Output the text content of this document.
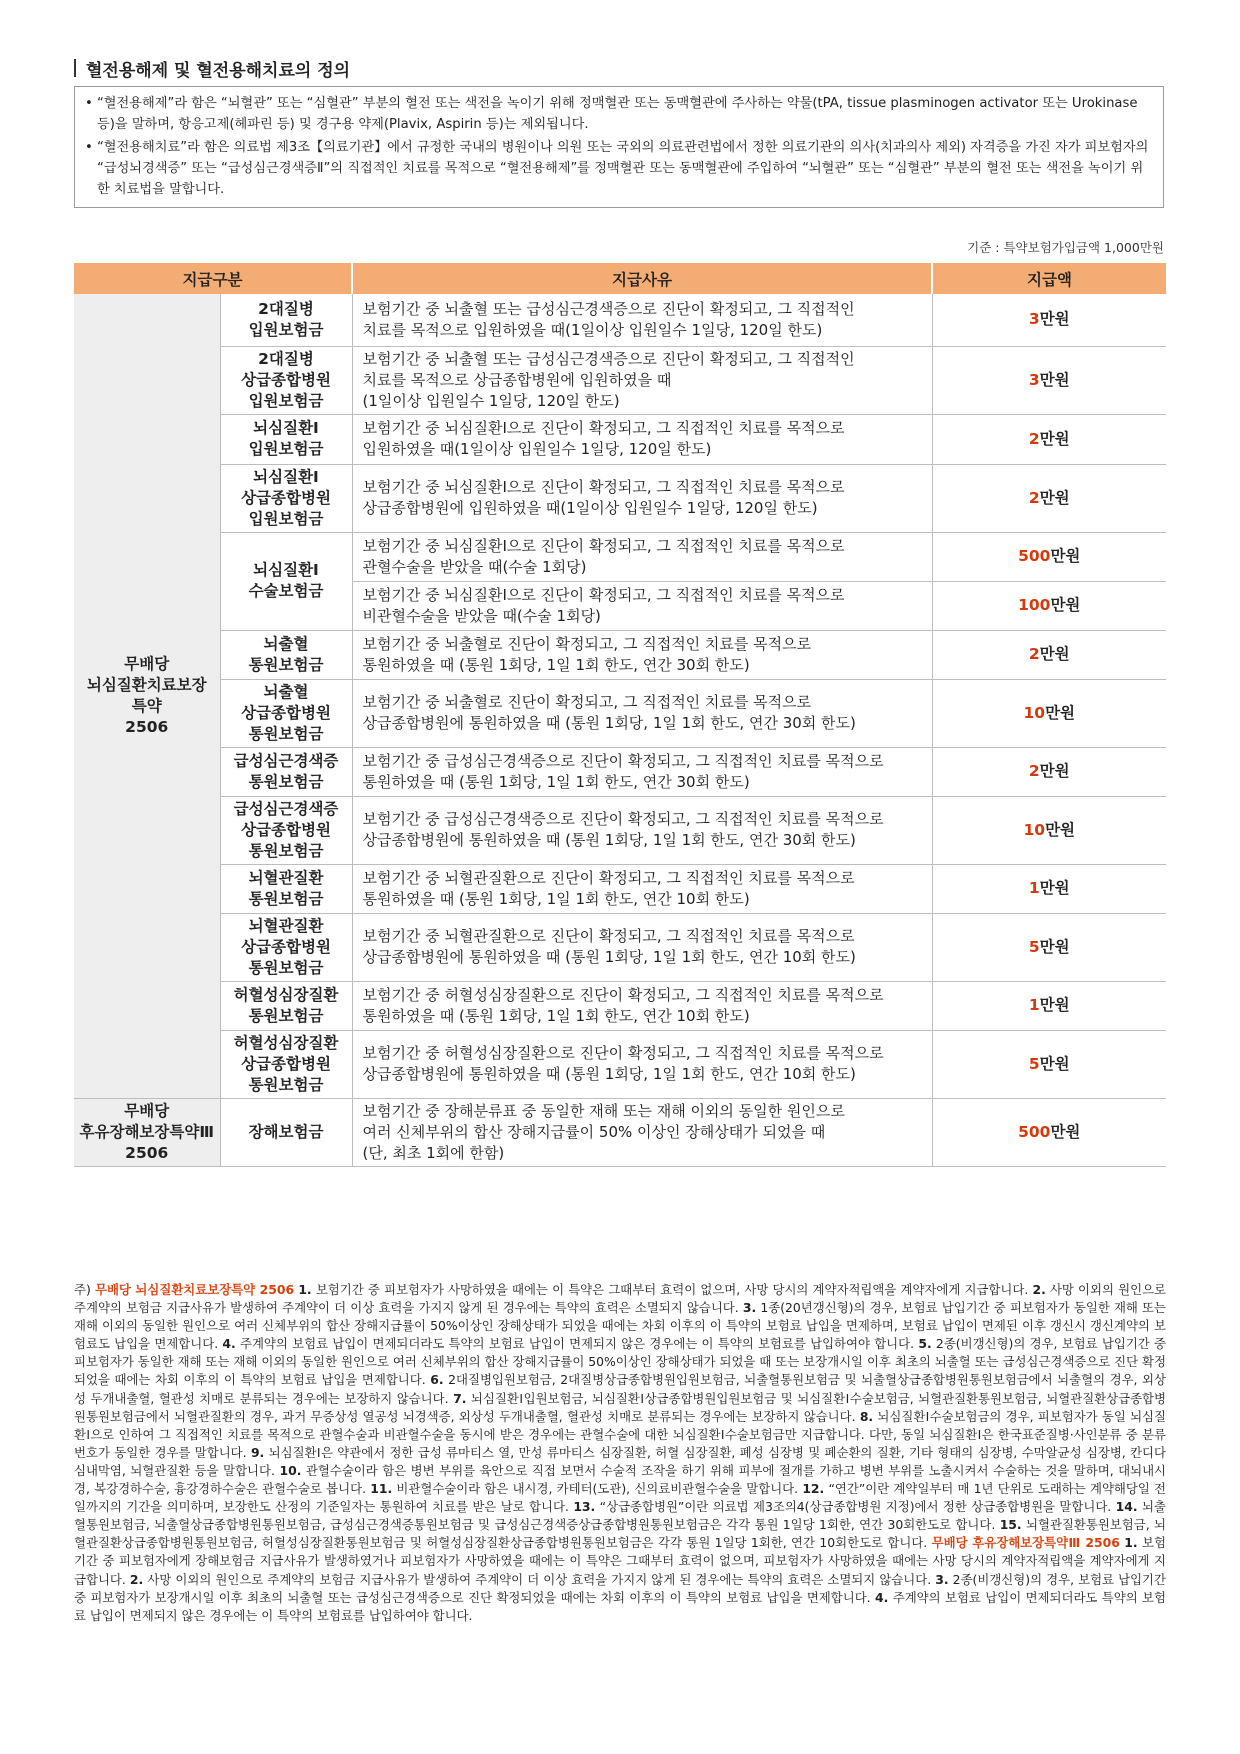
혈전용해제 및 혈전용해치료의 정의

• “혈전용해제”라 함은 “뇌혈관” 또는 “심혈관” 부분의 혈전 또는 색전을 녹이기 위해 정맥혈관 또는 동맥혈관에 주사하는 약물(tPA, tissue plasminogen activator 또는 Urokinase 등)을 말하며, 항응고제(헤파린 등) 및 경구용 약제(Plavix, Aspirin 등)는 제외됩니다.

• “혈전용해치료”라 함은 의료법 제3조【의료기관】에서 규정한 국내의 병원이나 의원 또는 국외의 의료관련법에서 정한 의료기관의 의사(치과의사 제외) 자격증을 가진 자가 피보험자의 “급성뇌경색증” 또는 “급성심근경색증Ⅱ”의 직접적인 치료를 목적으로 “혈전용해제”를 정맥혈관 또는 동맥혈관에 주입하여 “뇌혈관” 또는 “심혈관” 부분의 혈전 또는 색전을 녹이기 위한 치료법을 말합니다.

기준 : 특약보험가입금액 1,000만원
지급구분		지급사유	지급액
무배당
뇌심질환치료보장
특약
2506	2대질병
입원보험금	보험기간 중 뇌출혈 또는 급성심근경색증으로 진단이 확정되고, 그 직접적인
치료를 목적으로 입원하였을 때(1일이상 입원일수 1일당, 120일 한도)	3만원
	2대질병
상급종합병원
입원보험금	보험기간 중 뇌출혈 또는 급성심근경색증으로 진단이 확정되고, 그 직접적인
치료를 목적으로 상급종합병원에 입원하였을 때
(1일이상 입원일수 1일당, 120일 한도)	3만원
	뇌심질환Ⅰ
입원보험금	보험기간 중 뇌심질환Ⅰ으로 진단이 확정되고, 그 직접적인 치료를 목적으로
입원하였을 때(1일이상 입원일수 1일당, 120일 한도)	2만원
	뇌심질환Ⅰ
상급종합병원
입원보험금	보험기간 중 뇌심질환Ⅰ으로 진단이 확정되고, 그 직접적인 치료를 목적으로
상급종합병원에 입원하였을 때(1일이상 입원일수 1일당, 120일 한도)	2만원
	뇌심질환Ⅰ
수술보험금	보험기간 중 뇌심질환Ⅰ으로 진단이 확정되고, 그 직접적인 치료를 목적으로
관혈수술을 받았을 때(수술 1회당)	500만원
		보험기간 중 뇌심질환Ⅰ으로 진단이 확정되고, 그 직접적인 치료를 목적으로
비관혈수술을 받았을 때(수술 1회당)	100만원
	뇌출혈
통원보험금	보험기간 중 뇌출혈로 진단이 확정되고, 그 직접적인 치료를 목적으로
통원하였을 때 (통원 1회당, 1일 1회 한도, 연간 30회 한도)	2만원
	뇌출혈
상급종합병원
통원보험금	보험기간 중 뇌출혈로 진단이 확정되고, 그 직접적인 치료를 목적으로
상급종합병원에 통원하였을 때 (통원 1회당, 1일 1회 한도, 연간 30회 한도)	10만원
	급성심근경색증
통원보험금	보험기간 중 급성심근경색증으로 진단이 확정되고, 그 직접적인 치료를 목적으로
통원하였을 때 (통원 1회당, 1일 1회 한도, 연간 30회 한도)	2만원
	급성심근경색증
상급종합병원
통원보험금	보험기간 중 급성심근경색증으로 진단이 확정되고, 그 직접적인 치료를 목적으로
상급종합병원에 통원하였을 때 (통원 1회당, 1일 1회 한도, 연간 30회 한도)	10만원
	뇌혈관질환
통원보험금	보험기간 중 뇌혈관질환으로 진단이 확정되고, 그 직접적인 치료를 목적으로
통원하였을 때 (통원 1회당, 1일 1회 한도, 연간 10회 한도)	1만원
	뇌혈관질환
상급종합병원
통원보험금	보험기간 중 뇌혈관질환으로 진단이 확정되고, 그 직접적인 치료를 목적으로
상급종합병원에 통원하였을 때 (통원 1회당, 1일 1회 한도, 연간 10회 한도)	5만원
	허혈성심장질환
통원보험금	보험기간 중 허혈성심장질환으로 진단이 확정되고, 그 직접적인 치료를 목적으로
통원하였을 때 (통원 1회당, 1일 1회 한도, 연간 10회 한도)	1만원
	허혈성심장질환
상급종합병원
통원보험금	보험기간 중 허혈성심장질환으로 진단이 확정되고, 그 직접적인 치료를 목적으로
상급종합병원에 통원하였을 때 (통원 1회당, 1일 1회 한도, 연간 10회 한도)	5만원
무배당
후유장해보장특약Ⅲ
2506	장해보험금	보험기간 중 장해분류표 중 동일한 재해 또는 재해 이외의 동일한 원인으로
여러 신체부위의 합산 장해지급률이 50% 이상인 장해상태가 되었을 때
(단, 최초 1회에 한함)	500만원
주) 무배당 뇌심질환치료보장특약 2506 1. 보험기간 중 피보험자가 사망하였을 때에는 이 특약은 그때부터 효력이 없으며, 사망 당시의 계약자적립액을 계약자에게 지급합니다. 2. 사망 이외의 원인으로 주계약의 보험금 지급사유가 발생하여 주계약이 더 이상 효력을 가지지 않게 된 경우에는 특약의 효력은 소멸되지 않습니다. 3. 1종(20년갱신형)의 경우, 보험료 납입기간 중 피보험자가 동일한 재해 또는 재해 이외의 동일한 원인으로 여러 신체부위의 합산 장해지급률이 50%이상인 장해상태가 되었을 때에는 차회 이후의 이 특약의 보험료 납입을 면제하며, 보험료 납입이 면제된 이후 갱신시 갱신계약의 보험료도 납입을 면제합니다. 4. 주계약의 보험료 납입이 면제되더라도 특약의 보험료 납입이 면제되지 않은 경우에는 이 특약의 보험료를 납입하여야 합니다. 5. 2종(비갱신형)의 경우, 보험료 납입기간 중 피보험자가 동일한 재해 또는 재해 이외의 동일한 원인으로 여러 신체부위의 합산 장해지급률이 50%이상인 장해상태가 되었을 때 또는 보장개시일 이후 최초의 뇌출혈 또는 급성심근경색증으로 진단 확정되었을 때에는 차회 이후의 이 특약의 보험료 납입을 면제합니다. 6. 2대질병입원보험금, 2대질병상급종합병원입원보험금, 뇌출혈통원보험금 및 뇌출혈상급종합병원통원보험금에서 뇌출혈의 경우, 외상성 두개내출혈, 혈관성 치매로 분류되는 경우에는 보장하지 않습니다. 7. 뇌심질환Ⅰ입원보험금, 뇌심질환Ⅰ상급종합병원입원보험금 및 뇌심질환Ⅰ수술보험금, 뇌혈관질환통원보험금, 뇌혈관질환상급종합병원통원보험금에서 뇌혈관질환의 경우, 과거 무증상성 열공성 뇌경색증, 외상성 두개내출혈, 혈관성 치매로 분류되는 경우에는 보장하지 않습니다. 8. 뇌심질환Ⅰ수술보험금의 경우, 피보험자가 동일 뇌심질환Ⅰ으로 인하여 그 직접적인 치료를 목적으로 관혈수술과 비관혈수술을 동시에 받은 경우에는 관혈수술에 대한 뇌심질환Ⅰ수술보험금만 지급합니다. 다만, 동일 뇌심질환Ⅰ은 한국표준질병·사인분류 중 분류번호가 동일한 경우를 말합니다. 9. 뇌심질환Ⅰ은 약관에서 정한 급성 류마티스 열, 만성 류마티스 심장질환, 허혈 심장질환, 폐성 심장병 및 폐순환의 질환, 기타 형태의 심장병, 수막알균성 심장병, 칸디다심내막염, 뇌혈관질환 등을 말합니다. 10. 관혈수술이라 함은 병변 부위를 육안으로 직접 보면서 수술적 조작을 하기 위해 피부에 절개를 가하고 병변 부위를 노출시켜서 수술하는 것을 말하며, 대뇌내시경, 복강경하수술, 흉강경하수술은 관혈수술로 봅니다. 11. 비관혈수술이라 함은 내시경, 카테터(도관), 신의료비관혈수술을 말합니다. 12. “연간”이란 계약일부터 매 1년 단위로 도래하는 계약해당일 전일까지의 기간을 의미하며, 보장한도 산정의 기준일자는 통원하여 치료를 받은 날로 합니다. 13. “상급종합병원”이란 의료법 제3조의4(상급종합병원 지정)에서 정한 상급종합병원을 말합니다. 14. 뇌출혈통원보험금, 뇌출혈상급종합병원통원보험금, 급성심근경색증통원보험금 및 급성심근경색증상급종합병원통원보험금은 각각 통원 1일당 1회한, 연간 30회한도로 합니다. 15. 뇌혈관질환통원보험금, 뇌혈관질환상급종합병원통원보험금, 허혈성심장질환통원보험금 및 허혈성심장질환상급종합병원통원보험금은 각각 통원 1일당 1회한, 연간 10회한도로 합니다. 무배당 후유장해보장특약Ⅲ 2506 1. 보험기간 중 피보험자에게 장해보험금 지급사유가 발생하였거나 피보험자가 사망하였을 때에는 이 특약은 그때부터 효력이 없으며, 피보험자가 사망하였을 때에는 사망 당시의 계약자적립액을 계약자에게 지급합니다. 2. 사망 이외의 원인으로 주계약의 보험금 지급사유가 발생하여 주계약이 더 이상 효력을 가지지 않게 된 경우에는 특약의 효력은 소멸되지 않습니다. 3. 2종(비갱신형)의 경우, 보험료 납입기간 중 피보험자가 보장개시일 이후 최초의 뇌출혈 또는 급성심근경색증으로 진단 확정되었을 때에는 차회 이후의 이 특약의 보험료 납입을 면제합니다. 4. 주계약의 보험료 납입이 면제되더라도 특약의 보험료 납입이 면제되지 않은 경우에는 이 특약의 보험료를 납입하여야 합니다.
